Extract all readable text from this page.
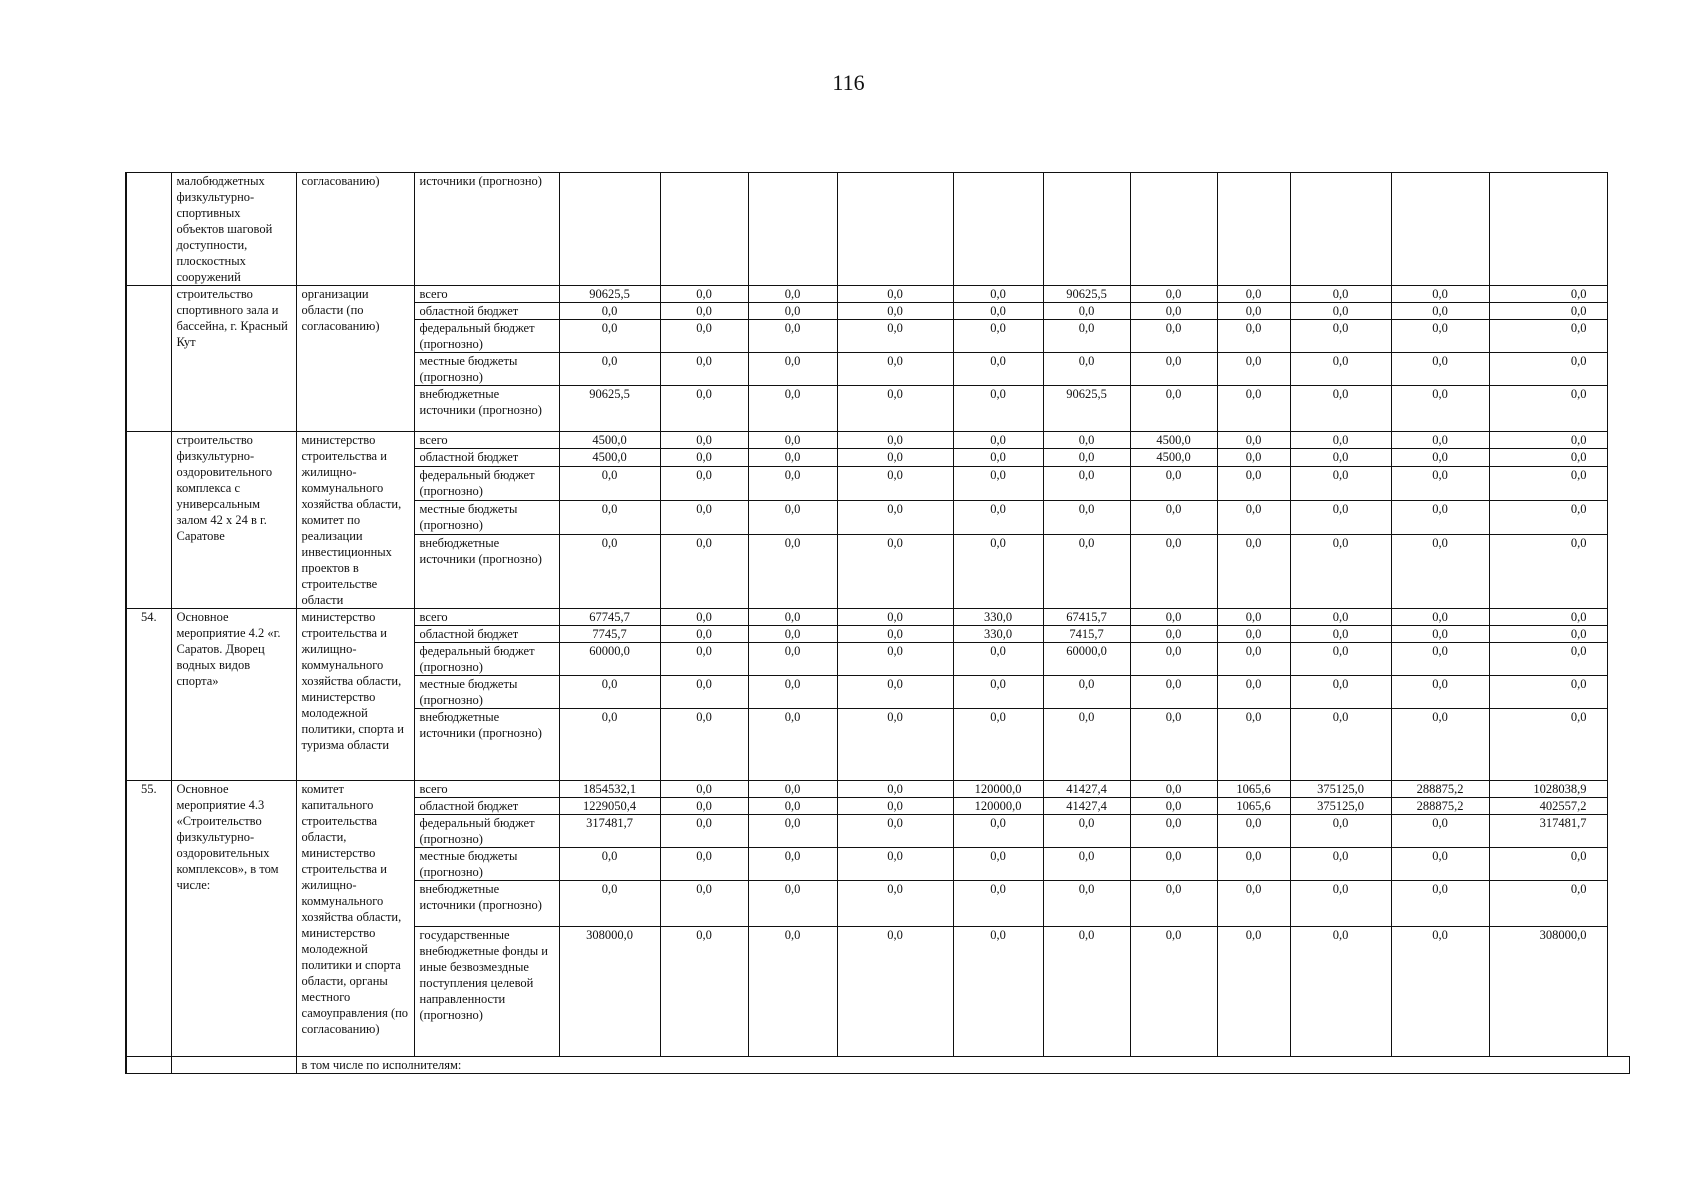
116
	малобюджетных физкультурно-спортивных объектов шаговой доступности, плоскостных сооружений	согласованию)	источники (прогнозно)												
	строительство спортивного зала и бассейна, г. Красный Кут	организации области (по согласованию)	всего	90625,5	0,0	0,0	0,0	0,0	90625,5	0,0	0,0	0,0	0,0	0,0	
			областной бюджет	0,0	0,0	0,0	0,0	0,0	0,0	0,0	0,0	0,0	0,0	0,0	
			федеральный бюджет (прогнозно)	0,0	0,0	0,0	0,0	0,0	0,0	0,0	0,0	0,0	0,0	0,0	
			местные бюджеты (прогнозно)	0,0	0,0	0,0	0,0	0,0	0,0	0,0	0,0	0,0	0,0	0,0	
			внебюджетные источники (прогнозно)	90625,5	0,0	0,0	0,0	0,0	90625,5	0,0	0,0	0,0	0,0	0,0	
	строительство физкультурно-оздоровительного комплекса с универсальным залом 42 х 24 в г. Саратове	министерство строительства и жилищно-коммунального хозяйства области, комитет по реализации инвестиционных проектов в строительстве области	всего	4500,0	0,0	0,0	0,0	0,0	0,0	4500,0	0,0	0,0	0,0	0,0	
			областной бюджет	4500,0	0,0	0,0	0,0	0,0	0,0	4500,0	0,0	0,0	0,0	0,0	
			федеральный бюджет (прогнозно)	0,0	0,0	0,0	0,0	0,0	0,0	0,0	0,0	0,0	0,0	0,0	
			местные бюджеты (прогнозно)	0,0	0,0	0,0	0,0	0,0	0,0	0,0	0,0	0,0	0,0	0,0	
			внебюджетные источники (прогнозно)	0,0	0,0	0,0	0,0	0,0	0,0	0,0	0,0	0,0	0,0	0,0	
54.	Основное мероприятие 4.2 «г. Саратов. Дворец водных видов спорта»	министерство строительства и жилищно-коммунального хозяйства области, министерство молодежной политики, спорта и туризма области	всего	67745,7	0,0	0,0	0,0	330,0	67415,7	0,0	0,0	0,0	0,0	0,0	
			областной бюджет	7745,7	0,0	0,0	0,0	330,0	7415,7	0,0	0,0	0,0	0,0	0,0	
			федеральный бюджет (прогнозно)	60000,0	0,0	0,0	0,0	0,0	60000,0	0,0	0,0	0,0	0,0	0,0	
			местные бюджеты (прогнозно)	0,0	0,0	0,0	0,0	0,0	0,0	0,0	0,0	0,0	0,0	0,0	
			внебюджетные источники (прогнозно)	0,0	0,0	0,0	0,0	0,0	0,0	0,0	0,0	0,0	0,0	0,0	
55.	Основное мероприятие 4.3 «Строительство физкультурно-оздоровительных комплексов», в том числе:	комитет капитального строительства области, министерство строительства и жилищно-коммунального хозяйства области, министерство молодежной политики и спорта области, органы местного самоуправления (по согласованию)	всего	1854532,1	0,0	0,0	0,0	120000,0	41427,4	0,0	1065,6	375125,0	288875,2	1028038,9	
			областной бюджет	1229050,4	0,0	0,0	0,0	120000,0	41427,4	0,0	1065,6	375125,0	288875,2	402557,2	
			федеральный бюджет (прогнозно)	317481,7	0,0	0,0	0,0	0,0	0,0	0,0	0,0	0,0	0,0	317481,7	
			местные бюджеты (прогнозно)	0,0	0,0	0,0	0,0	0,0	0,0	0,0	0,0	0,0	0,0	0,0	
			внебюджетные источники (прогнозно)	0,0	0,0	0,0	0,0	0,0	0,0	0,0	0,0	0,0	0,0	0,0	
			государственные внебюджетные фонды и иные безвозмездные поступления целевой направленности (прогнозно)	308000,0	0,0	0,0	0,0	0,0	0,0	0,0	0,0	0,0	0,0	308000,0	
		в том числе по исполнителям:													
